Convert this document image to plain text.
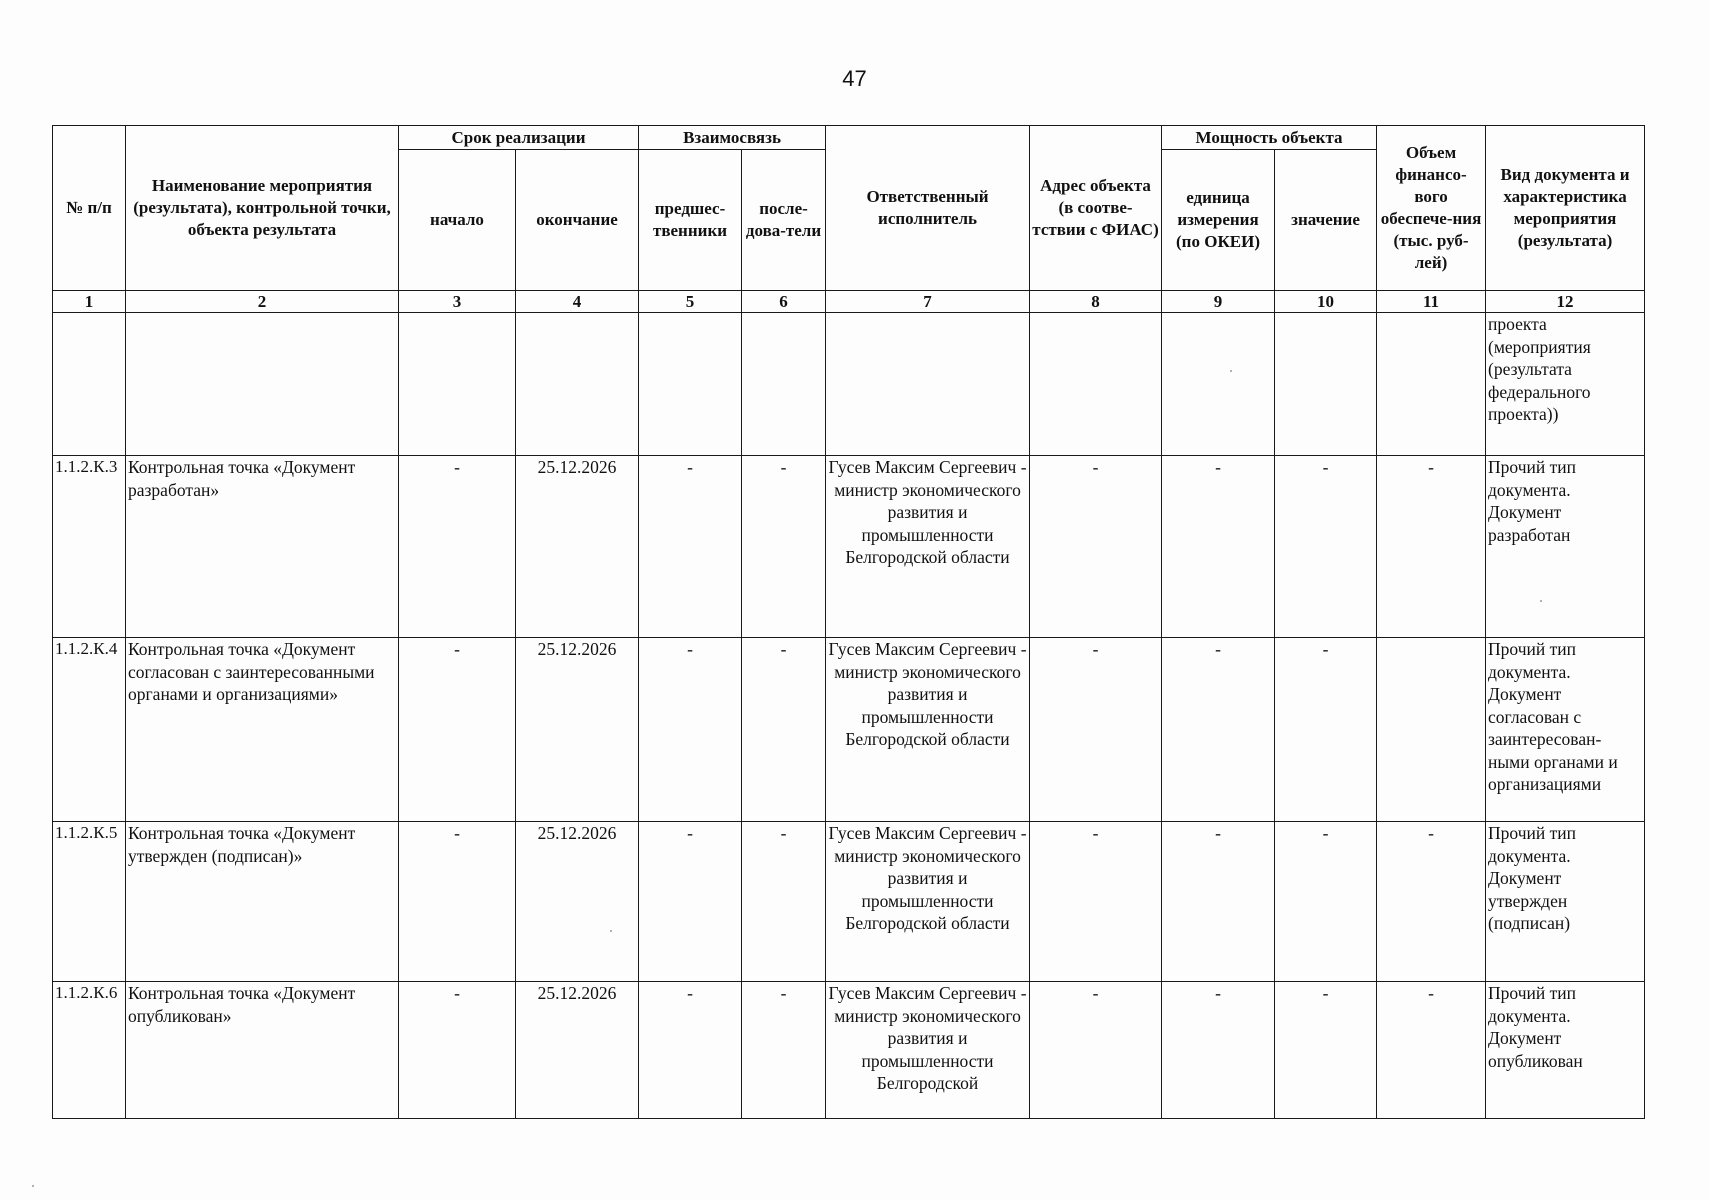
47
№ п/п	Наименование мероприятия (результата), контрольной точки, объекта результата	Срок реализации		Взаимосвязь		Ответственный исполнитель	Адрес объекта (в соотве-тствии с ФИАС)	Мощность объекта		Объем финансо-вого обеспече-ния (тыс. руб-лей)	Вид документа и характеристика мероприятия (результата)
		начало	окончание	предшес-твенники	после-дова-тели			единица измерения (по ОКЕИ)	значение		
1	2	3	4	5	6	7	8	9	10	11	12
											проекта (мероприятия (результата федерального проекта))
1.1.2.К.3	Контрольная точка «Документ разработан»	-	25.12.2026	-	-	Гусев Максим Сергеевич - министр экономического развития и промышленности Белгородской области	-	-	-	-	Прочий тип документа. Документ разработан
1.1.2.К.4	Контрольная точка «Документ согласован с заинтересованными органами и организациями»	-	25.12.2026	-	-	Гусев Максим Сергеевич - министр экономического развития и промышленности Белгородской области	-	-	-		Прочий тип документа. Документ согласован с заинтересован-ными органами и организациями
1.1.2.К.5	Контрольная точка «Документ утвержден (подписан)»	-	25.12.2026	-	-	Гусев Максим Сергеевич - министр экономического развития и промышленности Белгородской области	-	-	-	-	Прочий тип документа. Документ утвержден (подписан)
1.1.2.К.6	Контрольная точка «Документ опубликован»	-	25.12.2026	-	-	Гусев Максим Сергеевич - министр экономического развития и промышленности Белгородской	-	-	-	-	Прочий тип документа. Документ опубликован
